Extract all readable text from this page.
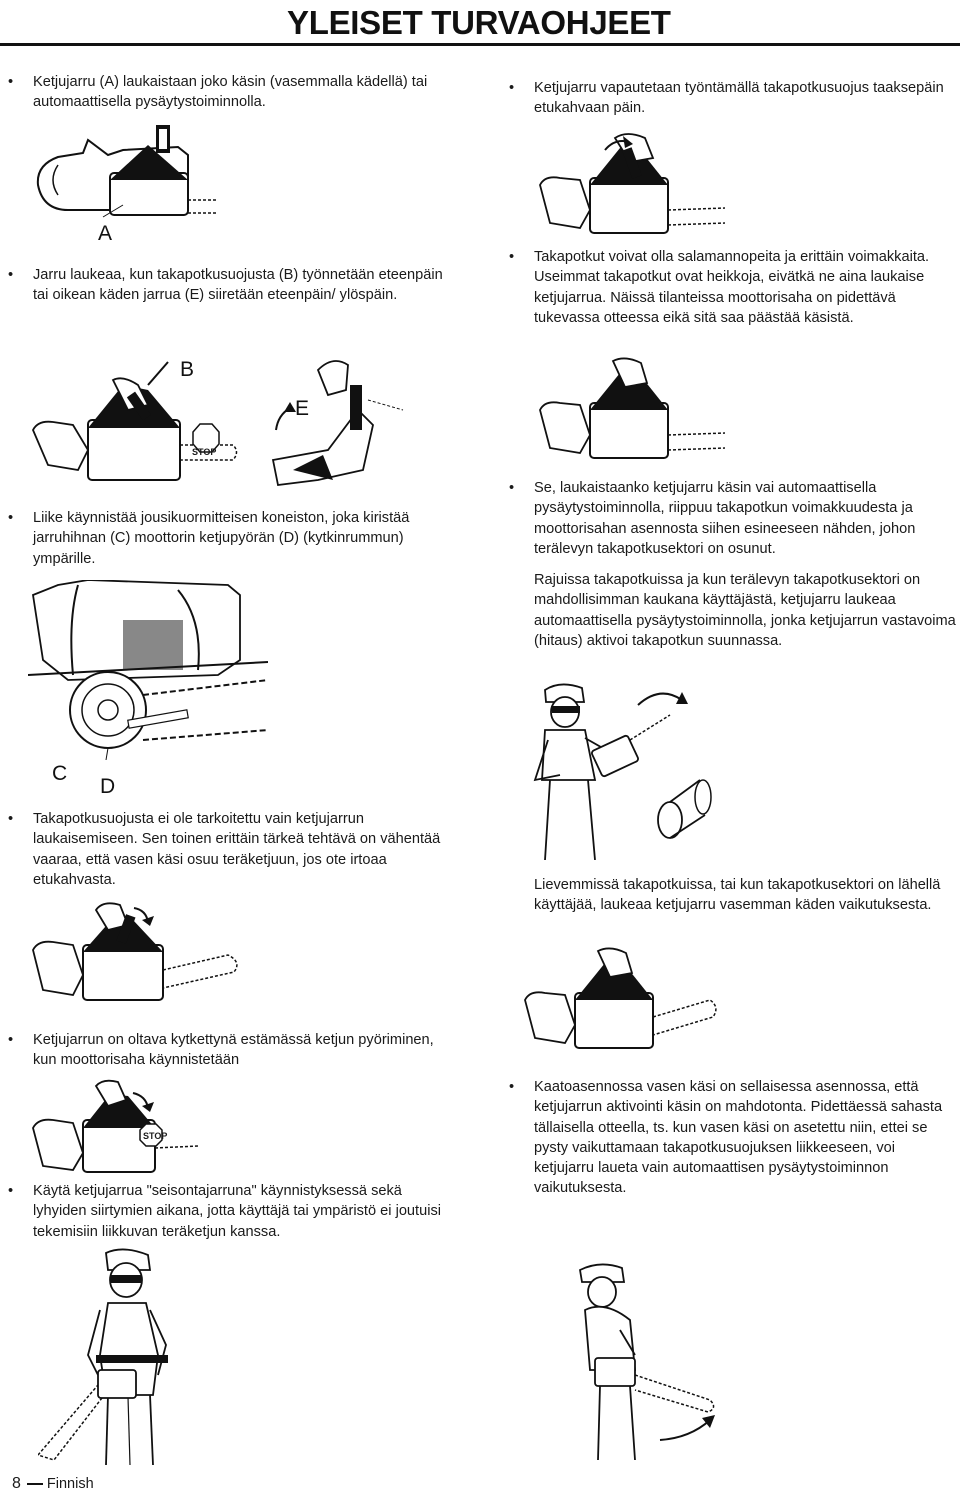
YLEISET TURVAOHJEET
• Ketjujarru (A) laukaistaan joko käsin (vasemmalla kädellä) tai automaattisella pysäytystoiminnolla.
A
• Jarru laukeaa, kun takapotkusuojusta (B) työnnetään eteenpäin tai oikean käden jarrua (E) siiretään eteenpäin/ ylöspäin.
B
E
STOP
• Liike käynnistää jousikuormitteisen koneiston, joka kiristää jarruhihnan (C) moottorin ketjupyörän (D) (kytkinrummun) ympärille.
C
D
• Takapotkusuojusta ei ole tarkoitettu vain ketjujarrun laukaisemiseen. Sen toinen erittäin tärkeä tehtävä on vähentää vaaraa, että vasen käsi osuu teräketjuun, jos ote irtoaa etukahvasta.
• Ketjujarrun on oltava kytkettynä estämässä ketjun pyöriminen, kun moottorisaha käynnistetään
STOP
• Käytä ketjujarrua "seisontajarruna" käynnistyksessä sekä lyhyiden siirtymien aikana, jotta käyttäjä tai ympäristö ei joutuisi tekemisiin liikkuvan teräketjun kanssa.
• Ketjujarru vapautetaan työntämällä takapotkusuojus taaksepäin etukahvaan päin.
• Takapotkut voivat olla salamannopeita ja erittäin voimakkaita. Useimmat takapotkut ovat heikkoja, eivätkä ne aina laukaise ketjujarrua. Näissä tilanteissa moottorisaha on pidettävä tukevassa otteessa eikä sitä saa päästää käsistä.
• Se, laukaistaanko ketjujarru käsin vai automaattisella pysäytystoiminnolla, riippuu takapotkun voimakkuudesta ja moottorisahan asennosta siihen esineeseen nähden, johon terälevyn takapotkusektori on osunut.
Rajuissa takapotkuissa ja kun terälevyn takapotkusektori on mahdollisimman kaukana käyttäjästä, ketjujarru laukeaa automaattisella pysäytystoiminnolla, jonka ketjujarrun vastavoima (hitaus) aktivoi takapotkun suunnassa.
Lievemmissä takapotkuissa, tai kun takapotkusektori on lähellä käyttäjää, laukeaa ketjujarru vasemman käden vaikutuksesta.
• Kaatoasennossa vasen käsi on sellaisessa asennossa, että ketjujarrun aktivointi käsin on mahdotonta. Pidettäessä sahasta tällaisella otteella, ts. kun vasen käsi on asetettu niin, ettei se pysty vaikuttamaan takapotkusuojuksen liikkeeseen, voi ketjujarru laueta vain automaattisen pysäytystoiminnon vaikutuksesta.
8 Finnish
